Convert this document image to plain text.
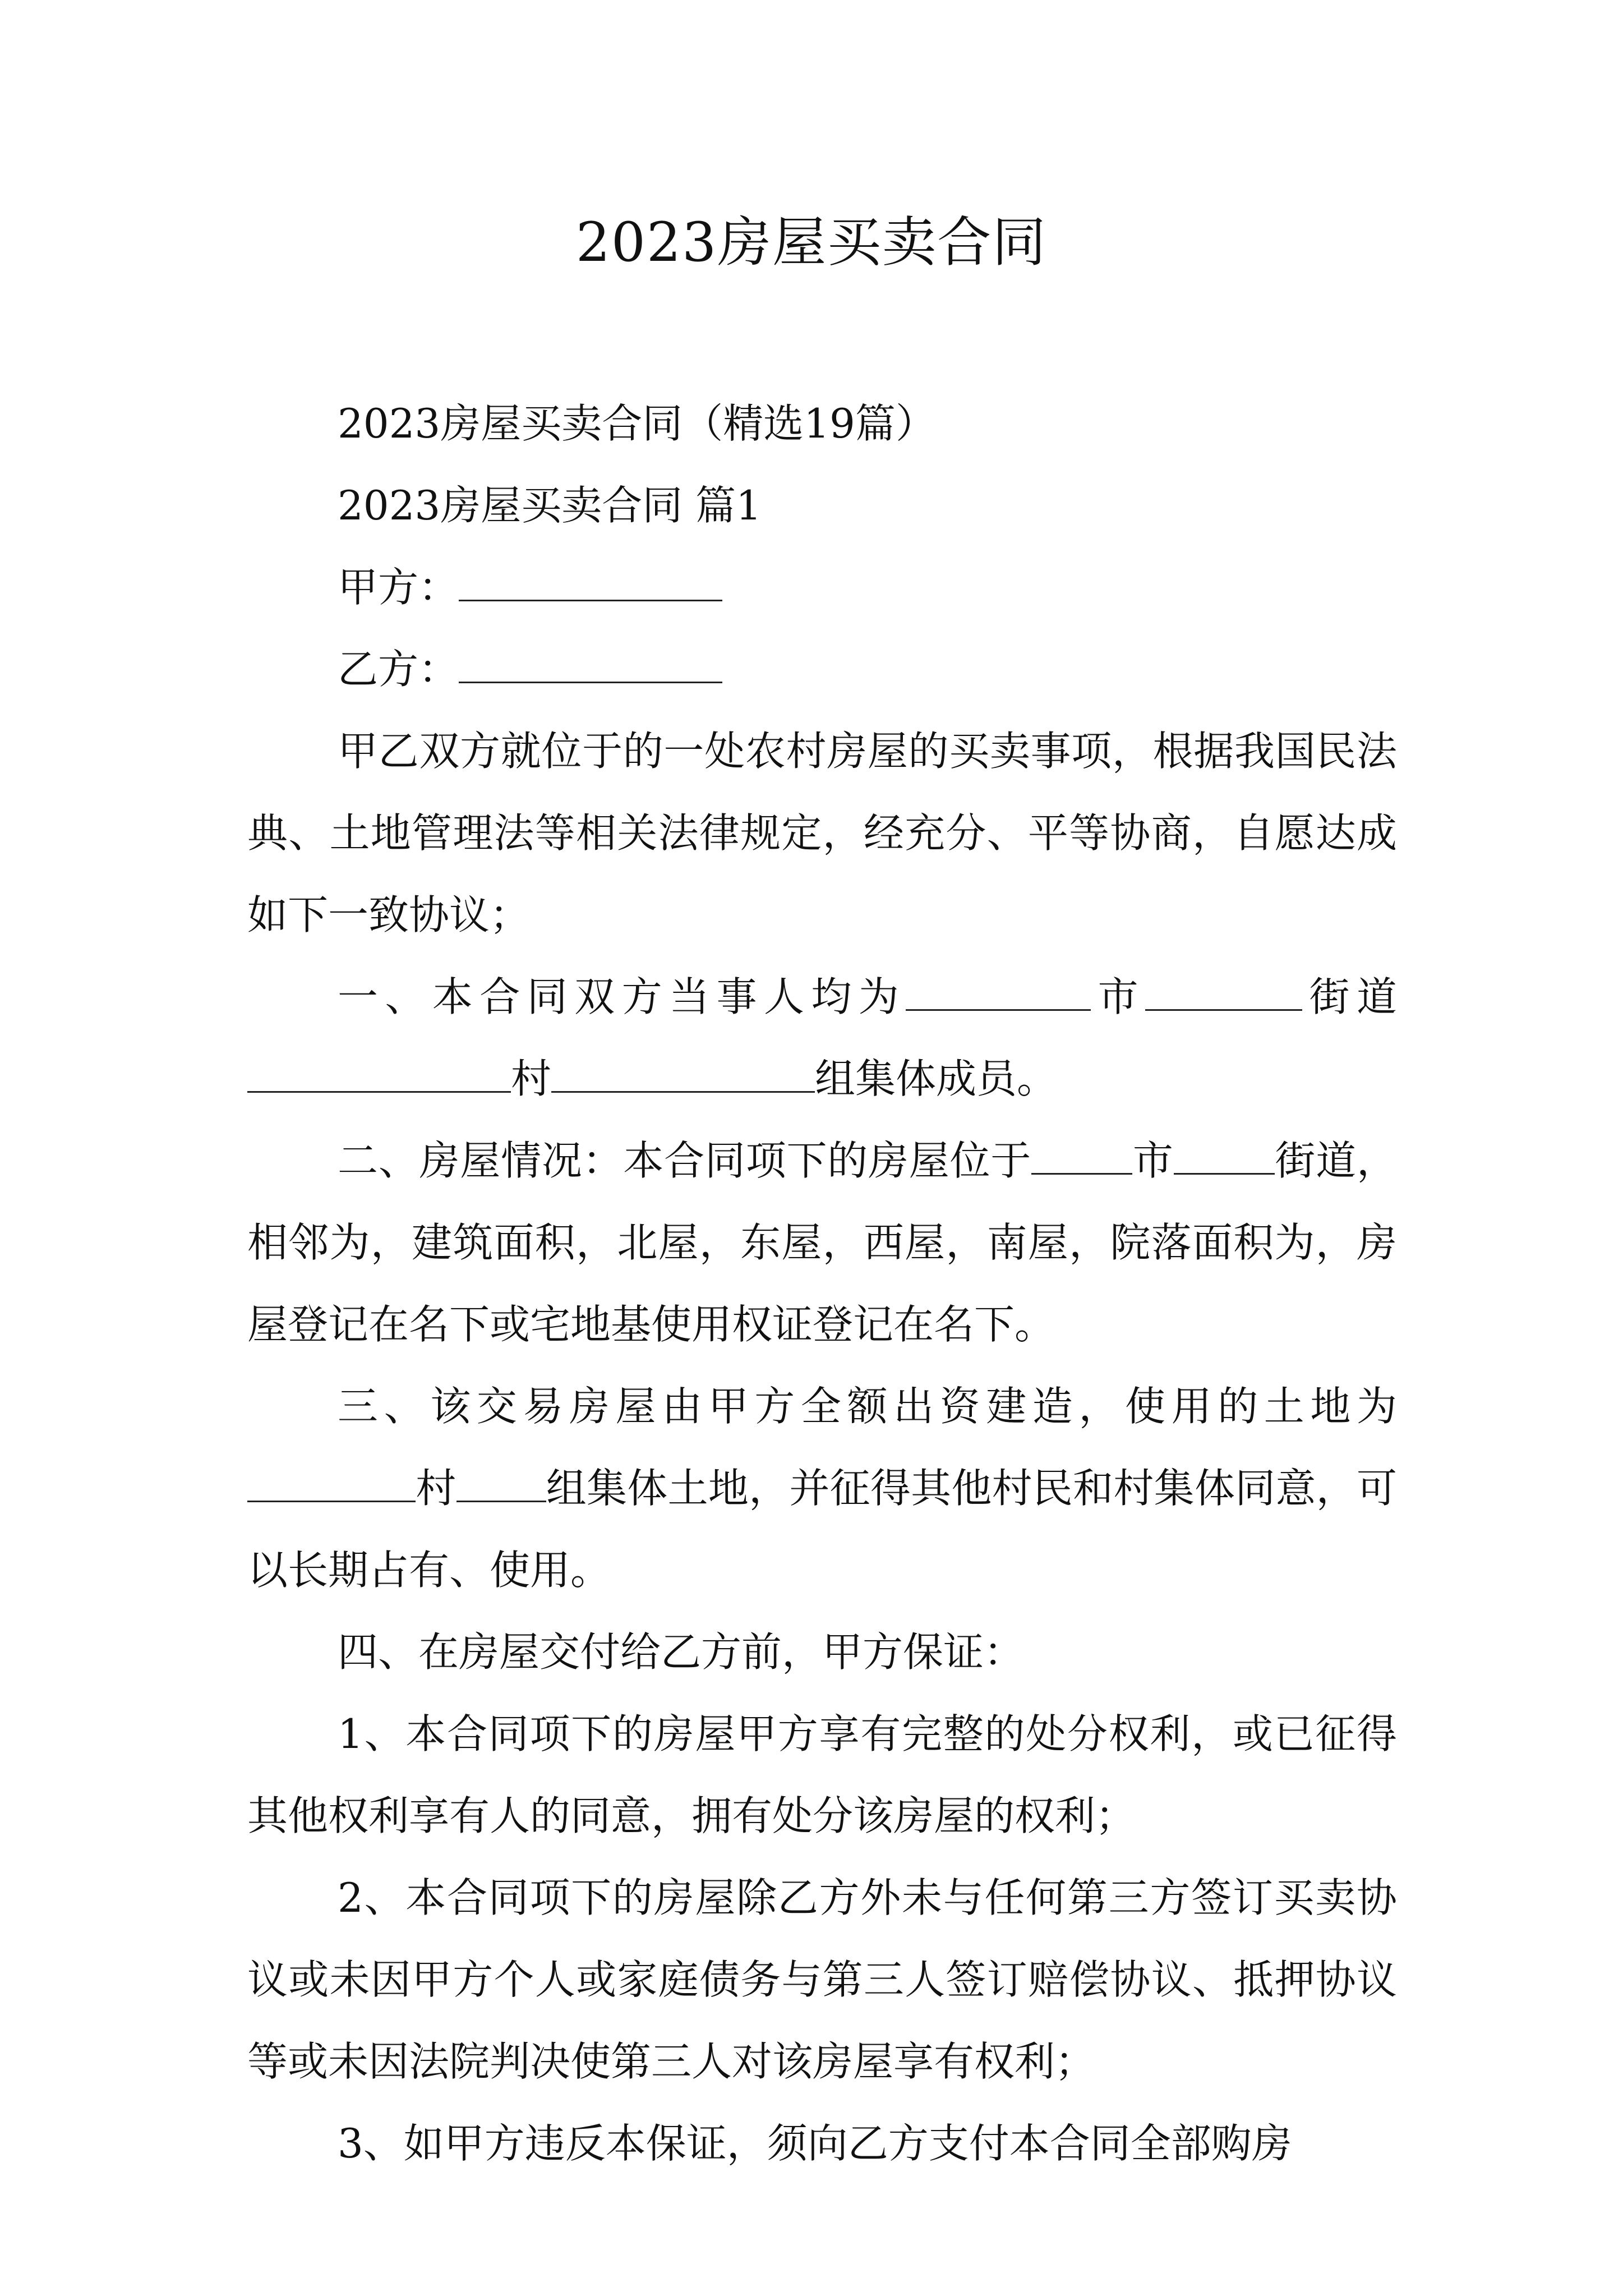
2023房屋买卖合同

2023房屋买卖合同（精选19篇）

2023房屋买卖合同 篇1

甲方：

乙方：

甲乙双方就位于的一处农村房屋的买卖事项，根据我国民法典、土地管理法等相关法律规定，经充分、平等协商，自愿达成如下一致协议；

一、本合同双方当事人均为	市	街道村	组集体成员。

二、房屋情况：本合同项下的房屋位于	市	街道，相邻为，建筑面积，北屋，东屋，西屋，南屋，院落面积为，房屋登记在名下或宅地基使用权证登记在名下。

三、该交易房屋由甲方全额出资建造，使用的土地为村 组集体土地，并征得其他村民和村集体同意，可以长期占有、使用。

四、在房屋交付给乙方前，甲方保证：

1、本合同项下的房屋甲方享有完整的处分权利，或已征得其他权利享有人的同意，拥有处分该房屋的权利；

2、本合同项下的房屋除乙方外未与任何第三方签订买卖协议或未因甲方个人或家庭债务与第三人签订赔偿协议、抵押协议等或未因法院判决使第三人对该房屋享有权利；

3、如甲方违反本保证，须向乙方支付本合同全部购房
